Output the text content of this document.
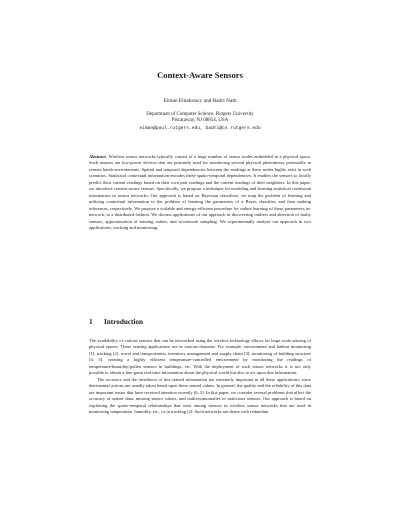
Context-Aware Sensors
Eiman Elnahrawy and Badri Nath
Department of Computer Science, Rutgers University
Piscataway, NJ 08854, USA
eiman@paul.rutgers.edu, badri@cs.rutgers.edu

Abstract. Wireless sensor networks typically consist of a large number of sensor nodes embedded in a physical space. Such sensors are low-power devices that are primarily used for monitoring several physical phenomena, potentially in remote harsh environments. Spatial and temporal dependencies between the readings at these nodes highly exist in such scenarios. Statistical contextual information encodes these spatio-temporal dependencies. It enables the sensors to locally predict their current readings based on their own past readings and the current readings of their neighbors. In this paper, we introduce context-aware sensors. Specifically, we propose a technique for modeling and learning statistical contextual information in sensor networks. Our approach is based on Bayesian classifiers; we map the problem of learning and utilizing contextual information to the problem of learning the parameters of a Bayes classifier, and then making inferences, respectively. We propose a scalable and energy-efficient procedure for online learning of these parameters in-network, in a distributed fashion. We discuss applications of our approach in discovering outliers and detection of faulty sensors, approximation of missing values, and in-network sampling. We experimentally analyze our approach in two applications, tracking and monitoring.

1 Introduction

The availability of various sensors that can be networked using the wireless technology allows for large-scale sensing of physical spaces. These sensing applications are in various domains. For example, environment and habitat monitoring [1], tracking [2], travel and transportation, inventory management and supply chain [3], monitoring of building structure [4, 5], creating a highly efficient temperature-controlled environment by monitoring the readings of temperature/humidity/pollen sensors in buildings, etc. With the deployment of such sensor networks it is not only possible to obtain a fine grain real-time information about the physical world but also to act upon that information.

The accuracy and the timeliness of this sensed information are extremely important in all these applications; since detrimental actions are usually taken based upon these sensed values. In general, the quality and the reliability of this data are important issues that have received attention recently [6, 3]. In this paper, we consider several problems that affect the accuracy of sensor data: missing sensor values, and outliers/anomalies or malicious sensors. Our approach is based on exploiting the spatio-temporal relationships that exist among sensors in wireless sensor networks that are used in monitoring temperature, humidity, etc., or in tracking [2]. Such networks are dense with redundant
